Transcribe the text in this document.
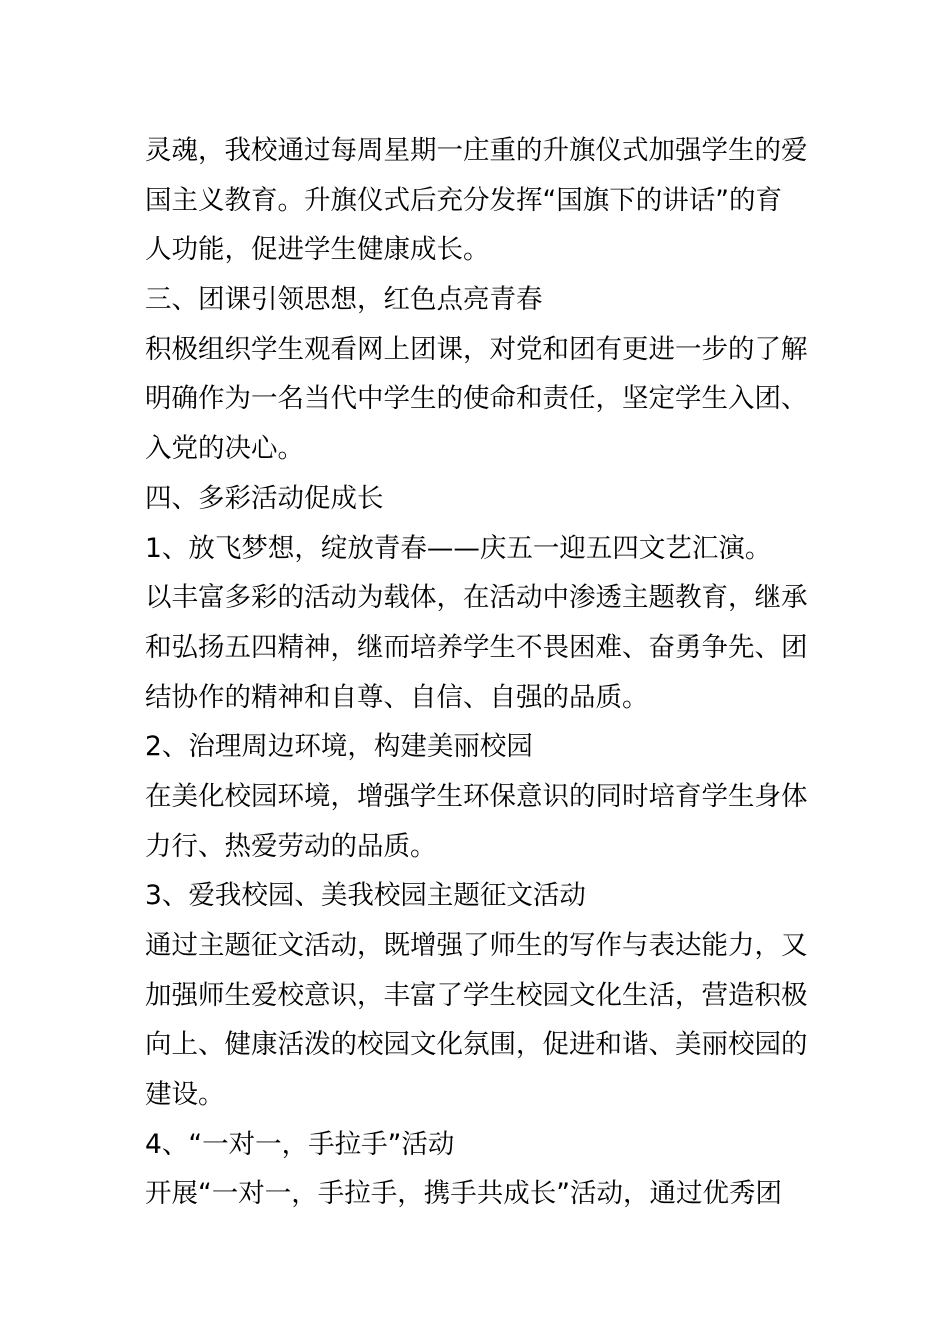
灵魂，我校通过每周星期一庄重的升旗仪式加强学生的爱
国主义教育。升旗仪式后充分发挥“国旗下的讲话”的育
人功能，促进学生健康成长。
三、团课引领思想，红色点亮青春
积极组织学生观看网上团课，对党和团有更进一步的了解
明确作为一名当代中学生的使命和责任，坚定学生入团、
入党的决心。
四、多彩活动促成长
1、放飞梦想，绽放青春——庆五一迎五四文艺汇演。
以丰富多彩的活动为载体，在活动中渗透主题教育，继承
和弘扬五四精神，继而培养学生不畏困难、奋勇争先、团
结协作的精神和自尊、自信、自强的品质。
2、治理周边环境，构建美丽校园
在美化校园环境，增强学生环保意识的同时培育学生身体
力行、热爱劳动的品质。
3、爱我校园、美我校园主题征文活动
通过主题征文活动，既增强了师生的写作与表达能力，又
加强师生爱校意识，丰富了学生校园文化生活，营造积极
向上、健康活泼的校园文化氛围，促进和谐、美丽校园的
建设。
4、“一对一，手拉手”活动
开展“一对一，手拉手，携手共成长”活动，通过优秀团
